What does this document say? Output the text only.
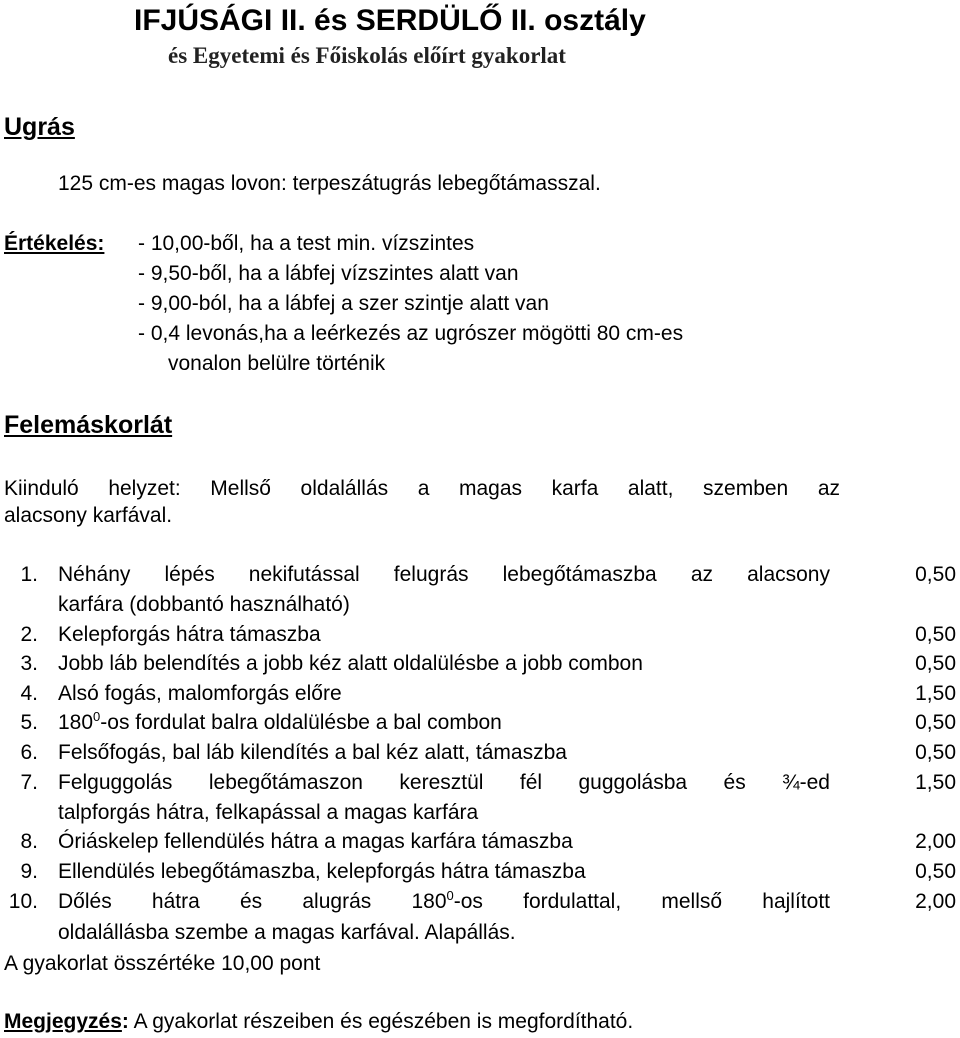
IFJÚSÁGI II. és SERDÜLŐ II. osztály
és Egyetemi és Főiskolás előírt gyakorlat
Ugrás
125 cm-es magas lovon: terpeszátugrás lebegőtámasszal.
Értékelés: - 10,00-ből, ha a test min. vízszintes
- 9,50-ből, ha a lábfej vízszintes alatt van
- 9,00-ból, ha a lábfej a szer szintje alatt van
- 0,4 levonás,ha a leérkezés az ugrószer mögötti 80 cm-es
vonalon belülre történik
Felemáskorlát
Kiinduló helyzet: Mellső oldalállás a magas karfa alatt, szemben az
alacsony karfával.
1. Néhány lépés nekifutással felugrás lebegőtámaszba az alacsony
karfára (dobbantó használható)
0,50
2. Kelepforgás hátra támaszba	0,50
3. Jobb láb belendítés a jobb kéz alatt oldalülésbe a jobb combon	0,50
4. Alsó fogás, malomforgás előre	1,50
5. $180^0-os$ fordulat balra oldalülésbe a bal combon	0,50
6. Felsőfogás, bal láb kilendítés a bal kéz alatt, támaszba	0,50
7. Felguggolás lebegőtámaszon keresztül fél guggolásba és ¾-ed
talpforgás hátra, felkapással a magas karfára
1,50
8. Óriáskelep fellendülés hátra a magas karfára támaszba	2,00
9. Ellendülés lebegőtámaszba, kelepforgás hátra támaszba	0,50
10. Dőlés hátra és alugrás $180^0-os$ fordulattal, mellső hajlított
oldalállásba szembe a magas karfával. Alapállás.
2,00
A gyakorlat összértéke 10,00 pont
Megjegyzés: A gyakorlat részeiben és egészében is megfordítható.
